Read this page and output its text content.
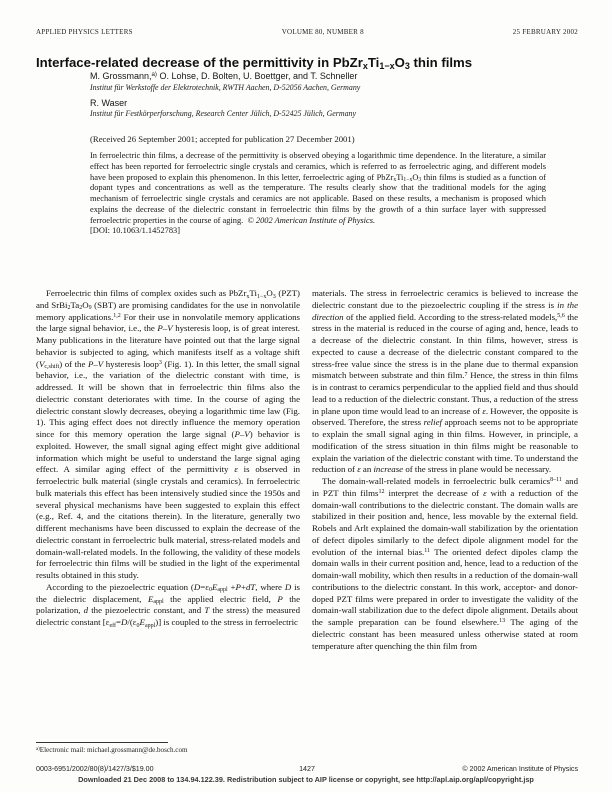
APPLIED PHYSICS LETTERS	VOLUME 80, NUMBER 8	25 FEBRUARY 2002
Interface-related decrease of the permittivity in $PbZr_xTi_{1-x}O_3$ thin films
M. Grossmann,$^{a)}$ O. Lohse, D. Bolten, U. Boettger, and T. Schneller
Institut für Werkstoffe der Elektrotechnik, RWTH Aachen, D-52056 Aachen, Germany
R. Waser
Institut für Festkörperforschung, Research Center Jülich, D-52425 Jülich, Germany
(Received 26 September 2001; accepted for publication 27 December 2001)
In ferroelectric thin films, a decrease of the permittivity is observed obeying a logarithmic time dependence. In the literature, a similar effect has been reported for ferroelectric single crystals and ceramics, which is referred to as ferroelectric aging, and different models have been proposed to explain this phenomenon. In this letter, ferroelectric aging of $PbZr_xTi_{1-x}O_3$ thin films is studied as a function of dopant types and concentrations as well as the temperature. The results clearly show that the traditional models for the aging mechanism of ferroelectric single crystals and ceramics are not applicable. Based on these results, a mechanism is proposed which explains the decrease of the dielectric constant in ferroelectric thin films by the growth of a thin surface layer with suppressed ferroelectric properties in the course of aging.  © 2002 American Institute of Physics.
[DOI: 10.1063/1.1452783]

Ferroelectric thin films of complex oxides such as $PbZr_xTi_{1-x}O_3$ (PZT) and $SrBi_2Ta_2O_9$ (SBT) are promising candidates for the use in nonvolatile memory applications.$^{1,2}$ For their use in nonvolatile memory applications the large signal behavior, i.e., the P–V hysteresis loop, is of great interest. Many publications in the literature have pointed out that the large signal behavior is subjected to aging, which manifests itself as a voltage shift $(V_{c,shift})$ of the P–V hysteresis loop$^3$ (Fig. 1). In this letter, the small signal behavior, i.e., the variation of the dielectric constant with time, is addressed. It will be shown that in ferroelectric thin films also the dielectric constant deteriorates with time. In the course of aging the dielectric constant slowly decreases, obeying a logarithmic time law (Fig. 1). This aging effect does not directly influence the memory operation since for this memory operation the large signal (P–V) behavior is exploited. However, the small signal aging effect might give additional information which might be useful to understand the large signal aging effect. A similar aging effect of the permittivity ε is observed in ferroelectric bulk material (single crystals and ceramics). In ferroelectric bulk materials this effect has been intensively studied since the 1950s and several physical mechanisms have been suggested to explain this effect (e.g., Ref. 4, and the citations therein). In the literature, generally two different mechanisms have been discussed to explain the decrease of the dielectric constant in ferroelectric bulk material, stress-related models and domain-wall-related models. In the following, the validity of these models for ferroelectric thin films will be studied in the light of the experimental results obtained in this study.

According to the piezoelectric equation ($D=\varepsilon_0E_{appl} +P+dT$, where D is the dielectric displacement, $E_{appl}$ the applied electric field, P the polarization, d the piezoelectric constant, and T the stress) the measured dielectric constant $[\varepsilon_{eff}=D/(\varepsilon_0E_{appl})]$ is coupled to the stress in ferroelectric

materials. The stress in ferroelectric ceramics is believed to increase the dielectric constant due to the piezoelectric coupling if the stress is in the direction of the applied field. According to the stress-related models,$^{5,6}$ the stress in the material is reduced in the course of aging and, hence, leads to a decrease of the dielectric constant. In thin films, however, stress is expected to cause a decrease of the dielectric constant compared to the stress-free value since the stress is in the plane due to thermal expansion mismatch between substrate and thin film.$^7$ Hence, the stress in thin films is in contrast to ceramics perpendicular to the applied field and thus should lead to a reduction of the dielectric constant. Thus, a reduction of the stress in plane upon time would lead to an increase of ε. However, the opposite is observed. Therefore, the stress relief approach seems not to be appropriate to explain the small signal aging in thin films. However, in principle, a modification of the stress situation in thin films might be reasonable to explain the variation of the dielectric constant with time. To understand the reduction of ε an increase of the stress in plane would be necessary.

The domain-wall-related models in ferroelectric bulk ceramics$^{8-11}$ and in PZT thin films$^{12}$ interpret the decrease of ε with a reduction of the domain-wall contributions to the dielectric constant. The domain walls are stabilized in their position and, hence, less movable by the external field. Robels and Arlt explained the domain-wall stabilization by the orientation of defect dipoles similarly to the defect dipole alignment model for the evolution of the internal bias.$^{11}$ The oriented defect dipoles clamp the domain walls in their current position and, hence, lead to a reduction of the domain-wall mobility, which then results in a reduction of the domain-wall contributions to the dielectric constant. In this work, acceptor- and donor-doped PZT films were prepared in order to investigate the validity of the domain-wall stabilization due to the defect dipole alignment. Details about the sample preparation can be found elsewhere.$^{13}$ The aging of the dielectric constant has been measured unless otherwise stated at room temperature after quenching the thin film from

$^{a)}$Electronic mail: michael.grossmann@de.bosch.com
1427
0003-6951/2002/80(8)/1427/3/$19.00	© 2002 American Institute of Physics
Downloaded 21 Dec 2008 to 134.94.122.39. Redistribution subject to AIP license or copyright, see http://apl.aip.org/apl/copyright.jsp
